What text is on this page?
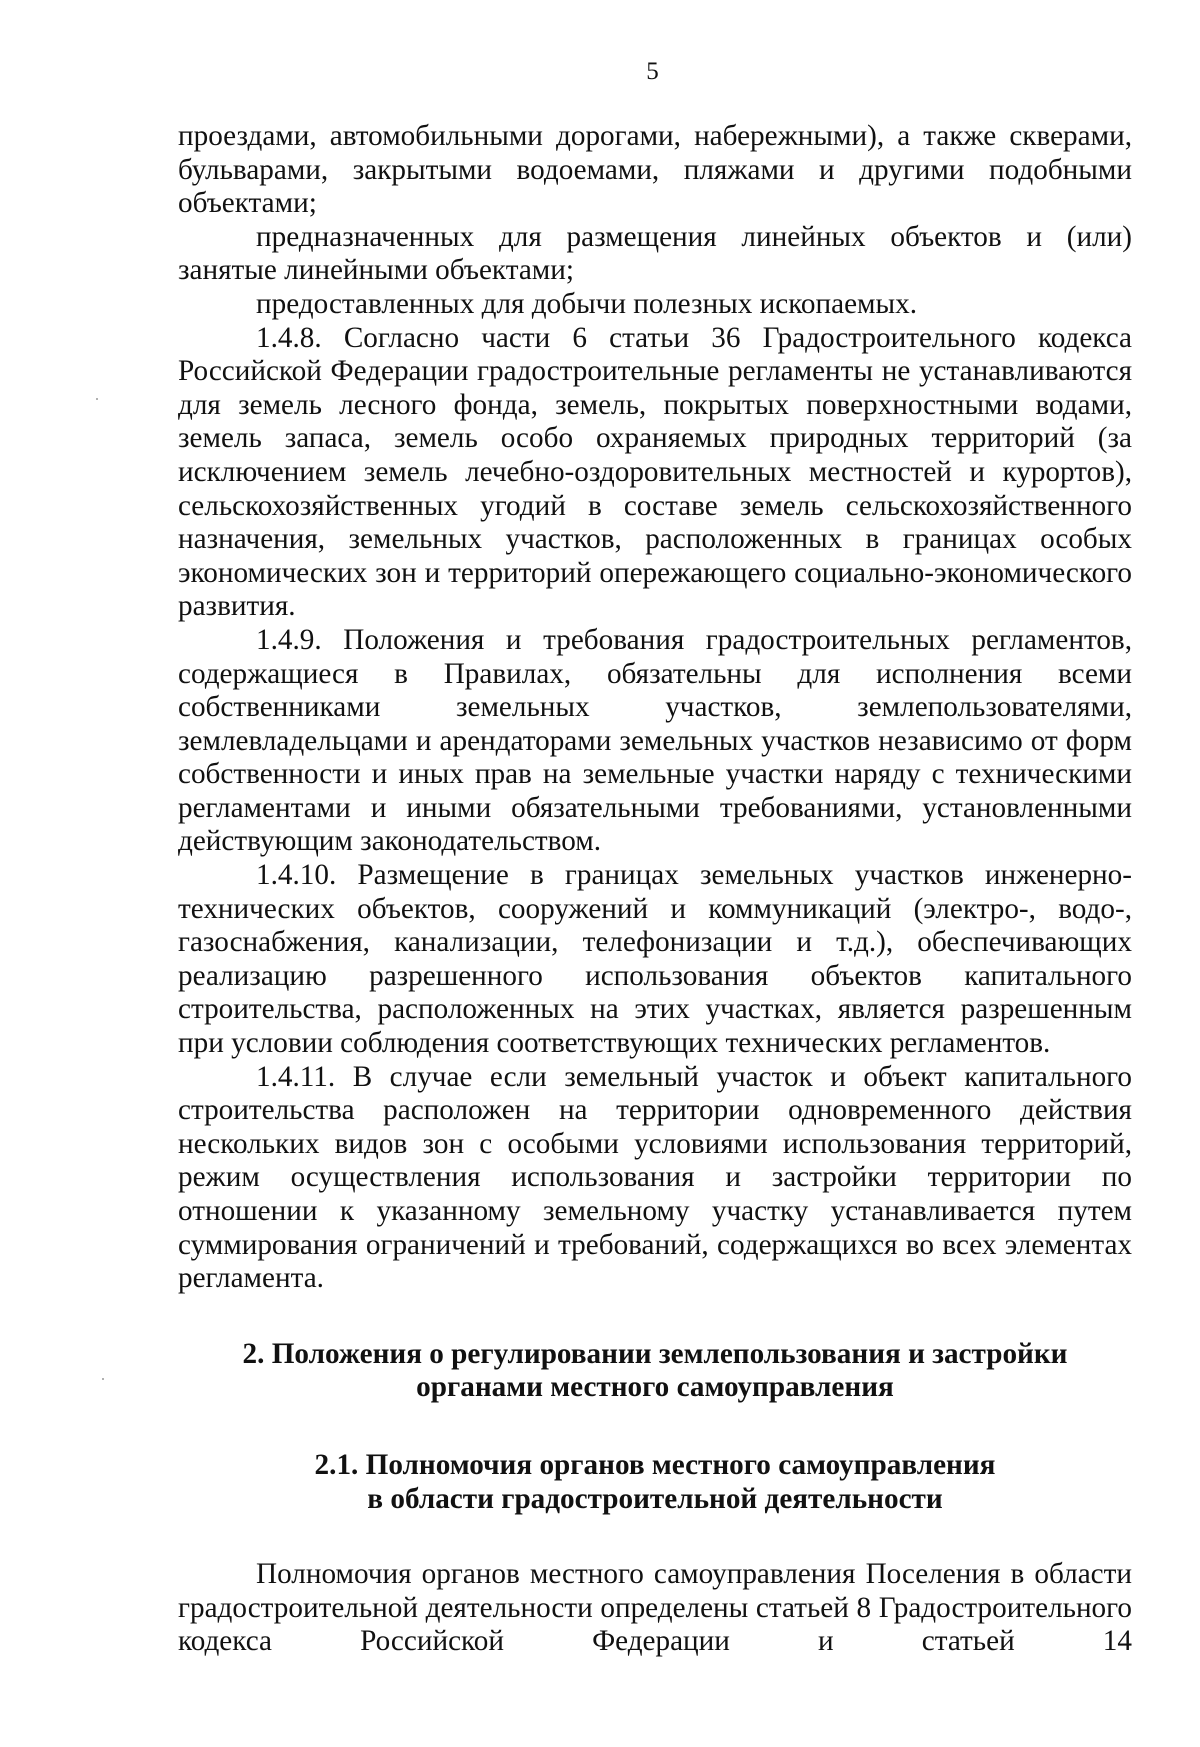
5

проездами, автомобильными дорогами, набережными), а также скверами, бульварами, закрытыми водоемами, пляжами и другими подобными объектами;

предназначенных для размещения линейных объектов и (или) занятые линейными объектами;

предоставленных для добычи полезных ископаемых.

1.4.8. Согласно части 6 статьи 36 Градостроительного кодекса Российской Федерации градостроительные регламенты не устанавливаются для земель лесного фонда, земель, покрытых поверхностными водами, земель запаса, земель особо охраняемых природных территорий (за исключением земель лечебно-оздоровительных местностей и курортов), сельскохозяйственных угодий в составе земель сельскохозяйственного назначения, земельных участков, расположенных в границах особых экономических зон и территорий опережающего социально-экономического развития.

1.4.9. Положения и требования градостроительных регламентов, содержащиеся в Правилах, обязательны для исполнения всеми собственниками земельных участков, землепользователями, землевладельцами и арендаторами земельных участков независимо от форм собственности и иных прав на земельные участки наряду с техническими регламентами и иными обязательными требованиями, установленными действующим законодательством.

1.4.10. Размещение в границах земельных участков инженерно-технических объектов, сооружений и коммуникаций (электро-, водо-, газоснабжения, канализации, телефонизации и т.д.), обеспечивающих реализацию разрешенного использования объектов капитального строительства, расположенных на этих участках, является разрешенным при условии соблюдения соответствующих технических регламентов.

1.4.11. В случае если земельный участок и объект капитального строительства расположен на территории одновременного действия нескольких видов зон с особыми условиями использования территорий, режим осуществления использования и застройки территории по отношении к указанному земельному участку устанавливается путем суммирования ограничений и требований, содержащихся во всех элементах регламента.

2. Положения о регулировании землепользования и застройки

органами местного самоуправления

2.1. Полномочия органов местного самоуправления

в области градостроительной деятельности

Полномочия органов местного самоуправления Поселения в области градостроительной деятельности определены статьей 8 Градостроительного кодекса Российской Федерации и статьей 14
